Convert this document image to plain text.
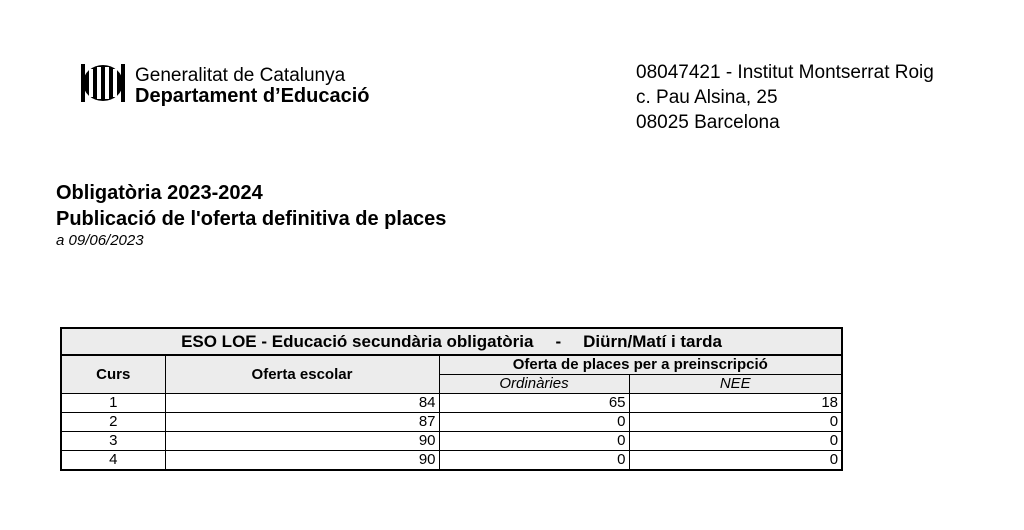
Generalitat de Catalunya
Departament d’Educació
08047421 - Institut Montserrat Roig
c. Pau Alsina, 25
08025 Barcelona
Obligatòria 2023-2024
Publicació de l'oferta definitiva de places
a 09/06/2023
ESO LOE - Educació secundària obligatòria - Diürn/Matí i tarda			

Curs	Oferta escolar	Oferta de places per a preinscripció	
		Ordinàries	NEE
1	84	65	18
2	87	0	0
3	90	0	0
4	90	0	0
